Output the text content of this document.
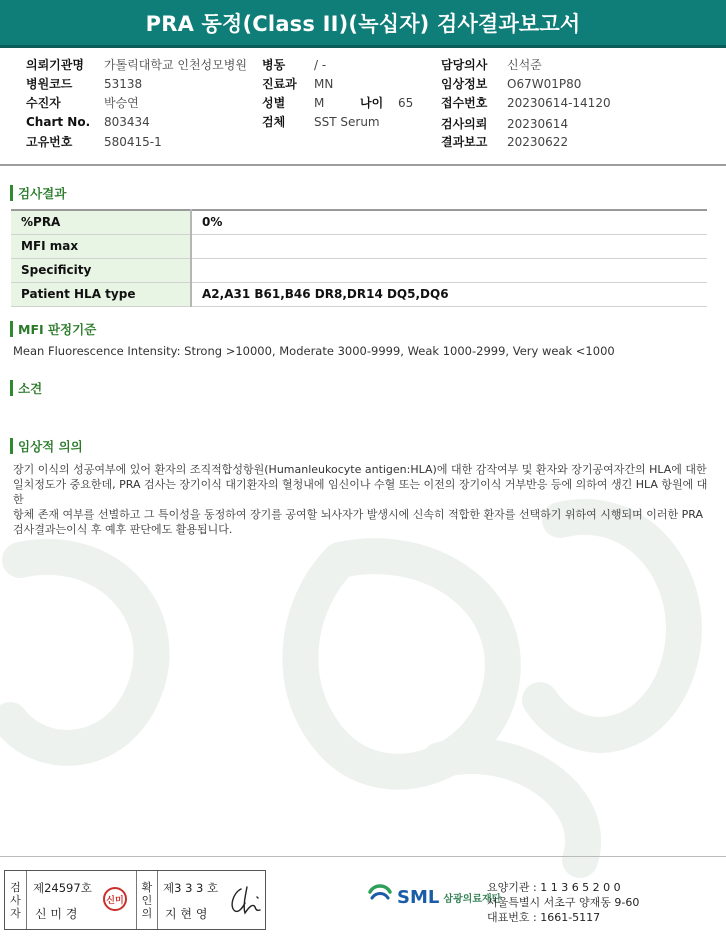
PRA 동정(Class II)(녹십자) 검사결과보고서
의뢰기관명 가톨릭대학교 인천성모병원
병원코드	53138
수진자	박승연
Chart No. 803434
고유번호	580415-1
병동 / -
진료과 MN
성별 M	나이 65
검체 SST Serum
담당의사 신석준
임상정보 O67W01P80
접수번호 20230614-14120
검사의뢰 20230614
결과보고 20230622
검사결과
%PRA	0%
MFI max	
Specificity	
Patient HLA type	A2,A31 B61,B46 DR8,DR14 DQ5,DQ6
MFI 판정기준
Mean Fluorescence Intensity: Strong >10000, Moderate 3000-9999, Weak 1000-2999, Very weak <1000
소견
임상적 의의
장기 이식의 성공여부에 있어 환자의 조직적합성항원(Humanleukocyte antigen:HLA)에 대한 감작여부 및 환자와 장기공여자간의 HLA에 대한
일치정도가 중요한데, PRA 검사는 장기이식 대기환자의 혈청내에 임신이나 수혈 또는 이전의 장기이식 거부반응 등에 의하여 생긴 HLA 항원에 대한
항체 존재 여부를 선별하고 그 특이성을 동정하여 장기를 공여할 뇌사자가 발생시에 신속히 적합한 환자를 선택하기 위하여 시행되며 이러한 PRA
검사결과는이식 후 예후 판단에도 활용됩니다.
검
사
자
제24597호
신 미 경
신미
확
인
의
제3 3 3 호
지 현 영
SML 삼광의료재단
요양기관 : 1 1 3 6 5 2 0 0
서울특별시 서초구 양재동 9-60
대표번호 : 1661-5117
